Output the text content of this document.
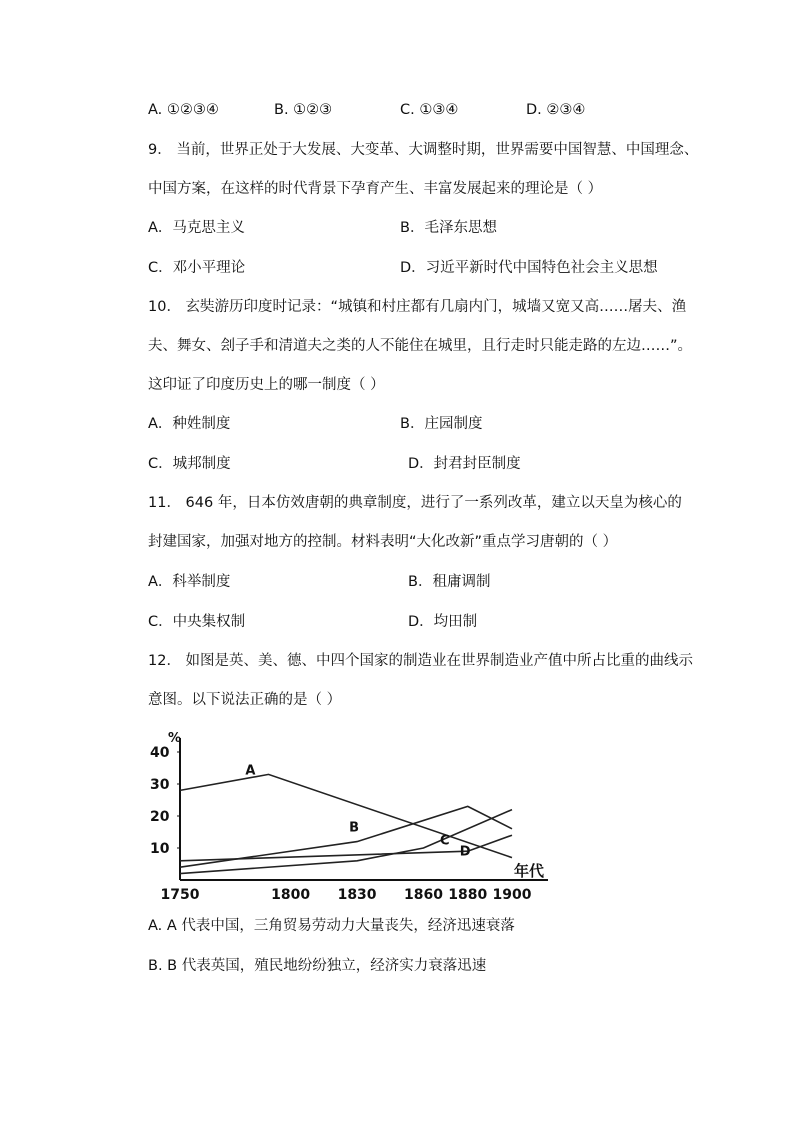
A. ①②③④	B. ①②③	C. ①③④	D. ②③④
9． 当前，世界正处于大发展、大变革、大调整时期，世界需要中国智慧、中国理念、
中国方案，在这样的时代背景下孕育产生、丰富发展起来的理论是（ ）
A．马克思主义	B．毛泽东思想
C．邓小平理论	D．习近平新时代中国特色社会主义思想
10． 玄奘游历印度时记录：“城镇和村庄都有几扇内门，城墙又宽又高……屠夫、渔
夫、舞女、刽子手和清道夫之类的人不能住在城里，且行走时只能走路的左边……”。
这印证了印度历史上的哪一制度（ ）
A．种姓制度	B．庄园制度
C．城邦制度	D．封君封臣制度
11． 646 年，日本仿效唐朝的典章制度，进行了一系列改革，建立以天皇为核心的
封建国家，加强对地方的控制。材料表明“大化改新”重点学习唐朝的（ ）
A．科举制度	B．租庸调制
C．中央集权制	D．均田制
12． 如图是英、美、德、中四个国家的制造业在世界制造业产值中所占比重的曲线示
意图。以下说法正确的是（ ）
%
年代
40
30
20
10
1750	1800 1830 1860 1880 1900
A
B
C
D
A. A 代表中国，三角贸易劳动力大量丧失，经济迅速衰落
B. B 代表英国，殖民地纷纷独立，经济实力衰落迅速
